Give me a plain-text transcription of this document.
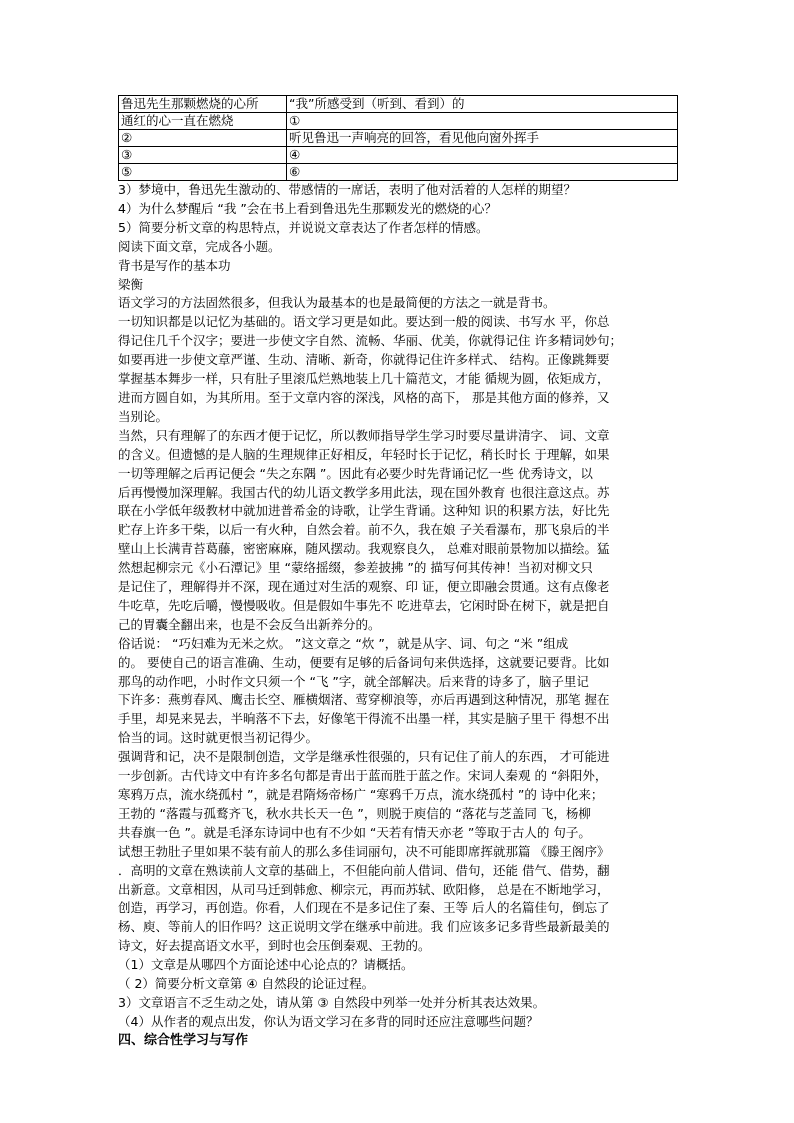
鲁迅先生那颗燃烧的心所	“我”所感受到（听到、看到）的
通红的心一直在燃烧	①
②	听见鲁迅一声响亮的回答，看见他向窗外挥手
③	④
⑤	⑥

3）梦境中，鲁迅先生激动的、带感情的一席话，表明了他对活着的人怎样的期望？

4）为什么梦醒后 “我 ”会在书上看到鲁迅先生那颗发光的燃烧的心？

5）简要分析文章的构思特点，并说说文章表达了作者怎样的情感。

阅读下面文章，完成各小题。

背书是写作的基本功

梁衡

语文学习的方法固然很多，但我认为最基本的也是最简便的方法之一就是背书。

一切知识都是以记忆为基础的。语文学习更是如此。要达到一般的阅读、书写水 平，你总

得记住几千个汉字；要进一步使文字自然、流畅、华丽、优美，你就得记住 许多精词妙句；

如要再进一步使文章严谨、生动、清晰、新奇，你就得记住许多样式、 结构。正像跳舞要

掌握基本舞步一样，只有肚子里滚瓜烂熟地装上几十篇范文，才能 循规为圆，依矩成方，

进而方圆自如，为其所用。至于文章内容的深浅，风格的高下， 那是其他方面的修养，又

当别论。

当然，只有理解了的东西才便于记忆，所以教师指导学生学习时要尽量讲清字、 词、文章

的含义。但遗憾的是人脑的生理规律正好相反，年轻时长于记忆，稍长时长 于理解，如果

一切等理解之后再记便会 “失之东隅 ”。因此有必要少时先背诵记忆一些 优秀诗文，以

后再慢慢加深理解。我国古代的幼儿语文教学多用此法，现在国外教育 也很注意这点。苏

联在小学低年级教材中就加进普希金的诗歌，让学生背诵。这种知 识的积累方法，好比先

贮存上许多干柴，以后一有火种，自然会着。前不久，我在娘 子关看瀑布，那飞泉后的半

壁山上长满青苔葛藤，密密麻麻，随风摆动。我观察良久， 总难对眼前景物加以描绘。猛

然想起柳宗元《小石潭记》里 “蒙络摇缀，参差披拂 ”的 描写何其传神！当初对柳文只

是记住了，理解得并不深，现在通过对生活的观察、印 证，便立即融会贯通。这有点像老

牛吃草，先吃后嚼，慢慢吸收。但是假如牛事先不 吃进草去，它闲时卧在树下，就是把自

己的胃囊全翻出来，也是不会反刍出新养分的。

俗话说： “巧妇难为无米之炊。 ”这文章之 “炊 ”，就是从字、词、句之 “米 ”组成

的。 要使自己的语言准确、生动，便要有足够的后备词句来供选择，这就要记要背。比如

那鸟的动作吧，小时作文只须一个 “飞 ”字，就全部解决。后来背的诗多了，脑子里记

下许多：燕剪春风、鹰击长空、雁横烟渚、莺穿柳浪等，亦后再遇到这种情况，那笔 握在

手里，却晃来晃去，半晌落不下去，好像笔干得流不出墨一样，其实是脑子里干 得想不出

恰当的词。这时就更恨当初记得少。

强调背和记，决不是限制创造，文学是继承性很强的，只有记住了前人的东西， 才可能进

一步创新。古代诗文中有许多名句都是青出于蓝而胜于蓝之作。宋词人秦观 的 “斜阳外，

寒鸦万点，流水绕孤村 ”，就是君隋炀帝杨广 “寒鸦千万点，流水绕孤村 ”的 诗中化来；

王勃的 “落霞与孤鹜齐飞，秋水共长天一色 ”，则脱于庾信的 “落花与芝盖同 飞，杨柳

共春旗一色 ”。就是毛泽东诗词中也有不少如 “天若有情天亦老 ”等取于古人的 句子。

试想王勃肚子里如果不装有前人的那么多佳词丽句，决不可能即席挥就那篇 《滕王阁序》

．高明的文章在熟读前人文章的基础上，不但能向前人借词、借句，还能 借气、借势，翻

出新意。文章相因，从司马迁到韩愈、柳宗元，再而苏轼、欧阳修， 总是在不断地学习，

创造，再学习，再创造。你看，人们现在不是多记住了秦、王等 后人的名篇佳句，倒忘了

杨、庾、等前人的旧作吗？这正说明文学在继承中前进。我 们应该多记多背些最新最美的

诗文，好去提高语文水平，到时也会压倒秦观、王勃的。

（1）文章是从哪四个方面论述中心论点的？请概括。

（ 2）简要分析文章第 ④ 自然段的论证过程。

3）文章语言不乏生动之处，请从第 ③ 自然段中列举一处并分析其表达效果。

（4）从作者的观点出发，你认为语文学习在多背的同时还应注意哪些问题？

四、综合性学习与写作
